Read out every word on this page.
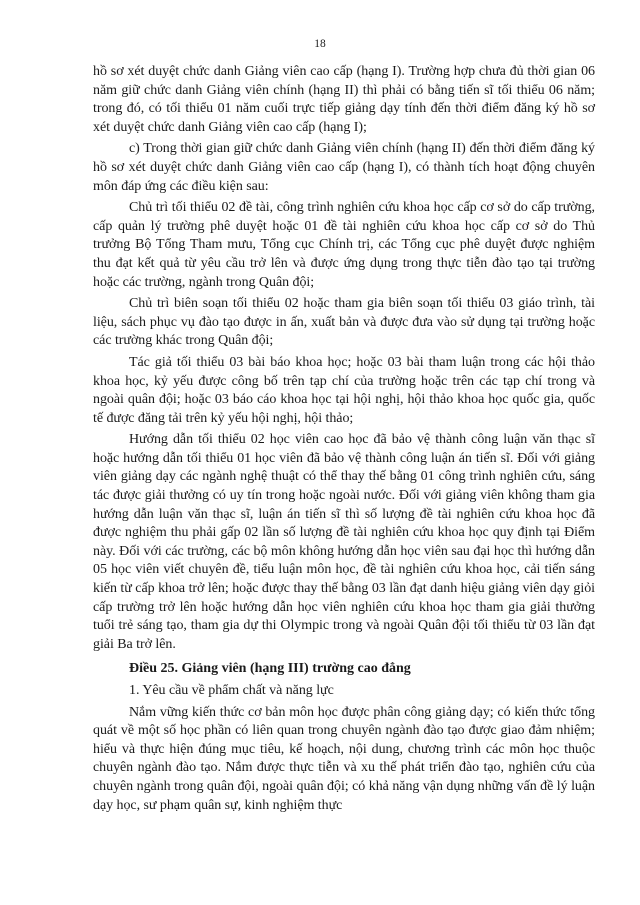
18

hồ sơ xét duyệt chức danh Giảng viên cao cấp (hạng I). Trường hợp chưa đủ thời gian 06 năm giữ chức danh Giảng viên chính (hạng II) thì phải có bằng tiến sĩ tối thiểu 06 năm; trong đó, có tối thiểu 01 năm cuối trực tiếp giảng dạy tính đến thời điểm đăng ký hồ sơ xét duyệt chức danh Giảng viên cao cấp (hạng I);

c) Trong thời gian giữ chức danh Giảng viên chính (hạng II) đến thời điểm đăng ký hồ sơ xét duyệt chức danh Giảng viên cao cấp (hạng I), có thành tích hoạt động chuyên môn đáp ứng các điều kiện sau:

Chủ trì tối thiểu 02 đề tài, công trình nghiên cứu khoa học cấp cơ sở do cấp trường, cấp quản lý trường phê duyệt hoặc 01 đề tài nghiên cứu khoa học cấp cơ sở do Thủ trưởng Bộ Tổng Tham mưu, Tổng cục Chính trị, các Tổng cục phê duyệt được nghiệm thu đạt kết quả từ yêu cầu trở lên và được ứng dụng trong thực tiễn đào tạo tại trường hoặc các trường, ngành trong Quân đội;

Chủ trì biên soạn tối thiểu 02 hoặc tham gia biên soạn tối thiểu 03 giáo trình, tài liệu, sách phục vụ đào tạo được in ấn, xuất bản và được đưa vào sử dụng tại trường hoặc các trường khác trong Quân đội;

Tác giả tối thiểu 03 bài báo khoa học; hoặc 03 bài tham luận trong các hội thảo khoa học, kỷ yếu được công bố trên tạp chí của trường hoặc trên các tạp chí trong và ngoài quân đội; hoặc 03 báo cáo khoa học tại hội nghị, hội thảo khoa học quốc gia, quốc tế được đăng tải trên kỷ yếu hội nghị, hội thảo;

Hướng dẫn tối thiểu 02 học viên cao học đã bảo vệ thành công luận văn thạc sĩ hoặc hướng dẫn tối thiểu 01 học viên đã bảo vệ thành công luận án tiến sĩ. Đối với giảng viên giảng dạy các ngành nghệ thuật có thể thay thế bằng 01 công trình nghiên cứu, sáng tác được giải thưởng có uy tín trong hoặc ngoài nước. Đối với giảng viên không tham gia hướng dẫn luận văn thạc sĩ, luận án tiến sĩ thì số lượng đề tài nghiên cứu khoa học đã được nghiệm thu phải gấp 02 lần số lượng đề tài nghiên cứu khoa học quy định tại Điểm này. Đối với các trường, các bộ môn không hướng dẫn học viên sau đại học thì hướng dẫn 05 học viên viết chuyên đề, tiểu luận môn học, đề tài nghiên cứu khoa học, cải tiến sáng kiến từ cấp khoa trở lên; hoặc được thay thế bằng 03 lần đạt danh hiệu giảng viên dạy giỏi cấp trường trở lên hoặc hướng dẫn học viên nghiên cứu khoa học tham gia giải thưởng tuổi trẻ sáng tạo, tham gia dự thi Olympic trong và ngoài Quân đội tối thiểu từ 03 lần đạt giải Ba trở lên.

Điều 25. Giảng viên (hạng III) trường cao đẳng

1. Yêu cầu về phẩm chất và năng lực

Nắm vững kiến thức cơ bản môn học được phân công giảng dạy; có kiến thức tổng quát về một số học phần có liên quan trong chuyên ngành đào tạo được giao đảm nhiệm; hiểu và thực hiện đúng mục tiêu, kế hoạch, nội dung, chương trình các môn học thuộc chuyên ngành đào tạo. Nắm được thực tiễn và xu thế phát triển đào tạo, nghiên cứu của chuyên ngành trong quân đội, ngoài quân đội; có khả năng vận dụng những vấn đề lý luận dạy học, sư phạm quân sự, kinh nghiệm thực
